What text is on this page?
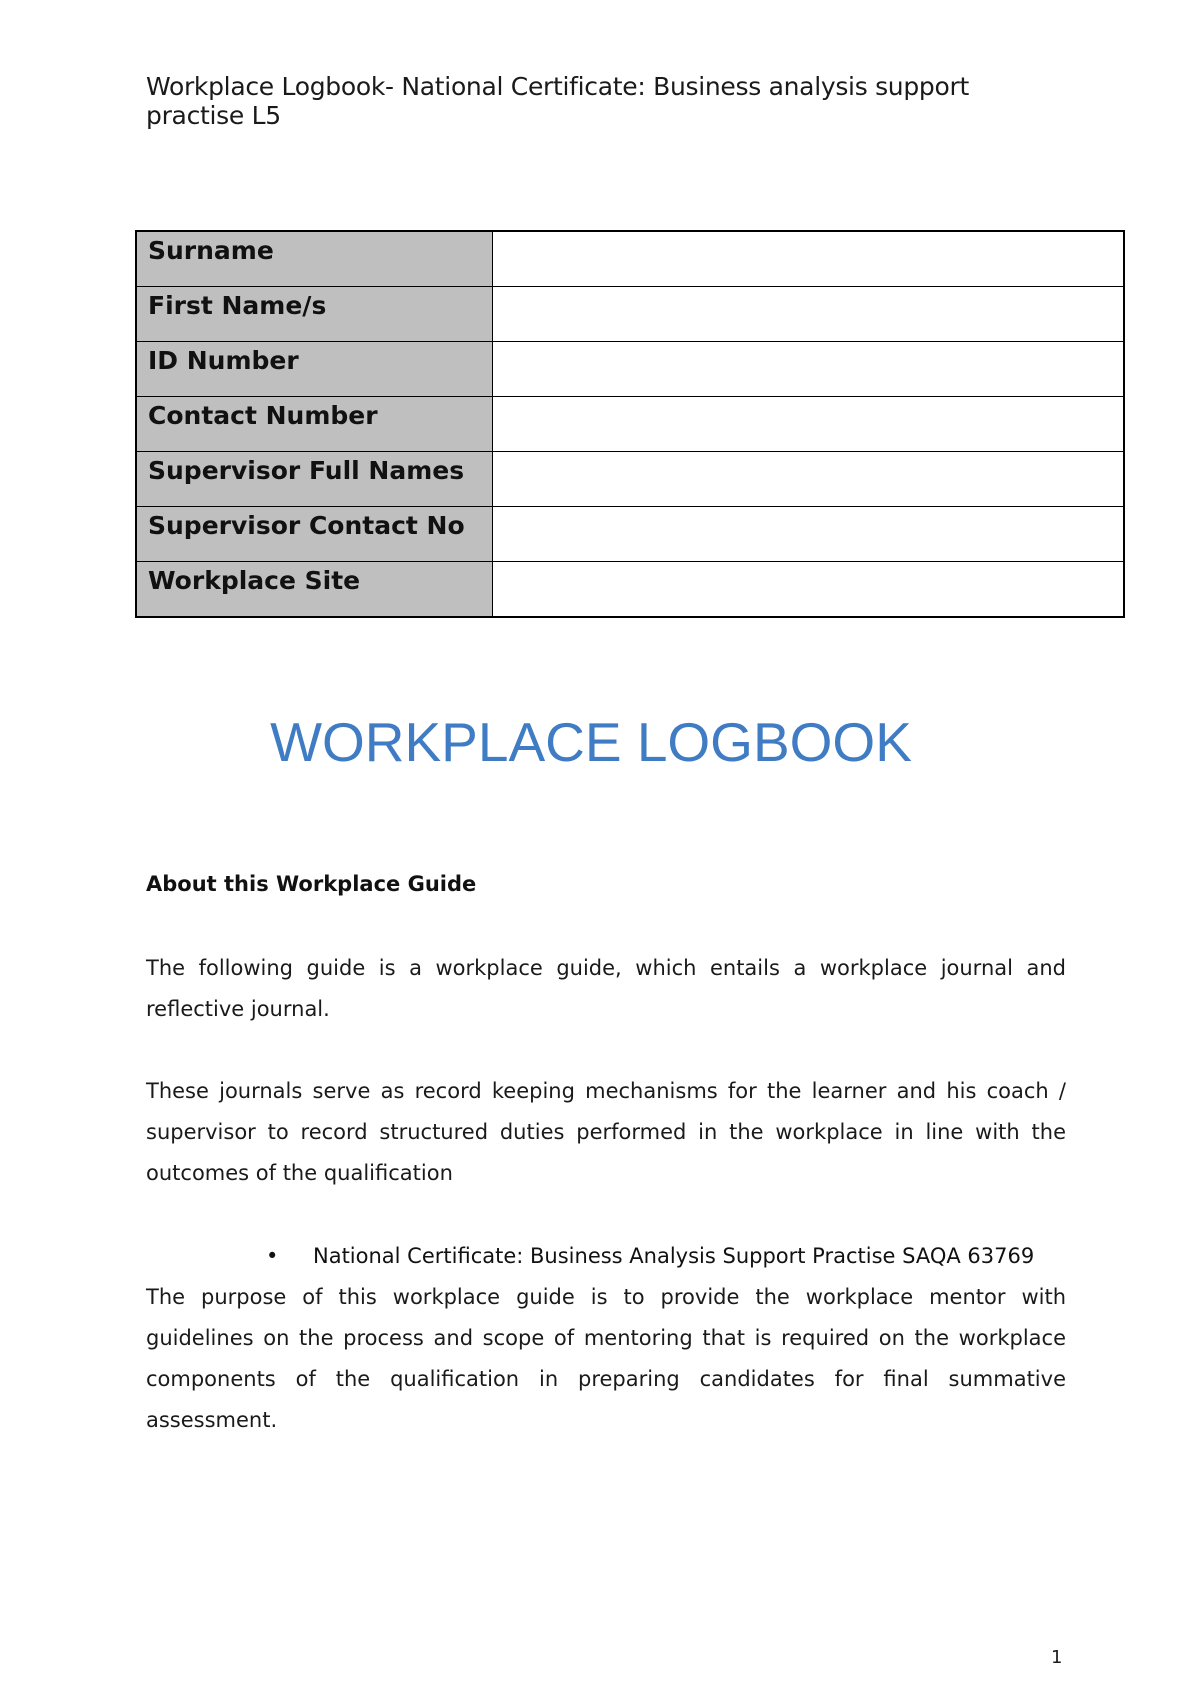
Workplace Logbook- National Certificate: Business analysis support practise L5
Surname	
First Name/s	
ID Number	
Contact Number	
Supervisor Full Names	
Supervisor Contact No	
Workplace Site	
WORKPLACE LOGBOOK
About this Workplace Guide
The following guide is a workplace guide, which entails a workplace journal and reflective journal.
These journals serve as record keeping mechanisms for the learner and his coach / supervisor to record structured duties performed in the workplace in line with the outcomes of the qualification
• National Certificate: Business Analysis Support Practise SAQA 63769
The purpose of this workplace guide is to provide the workplace mentor with guidelines on the process and scope of mentoring that is required on the workplace components of the qualification in preparing candidates for final summative assessment.
1
